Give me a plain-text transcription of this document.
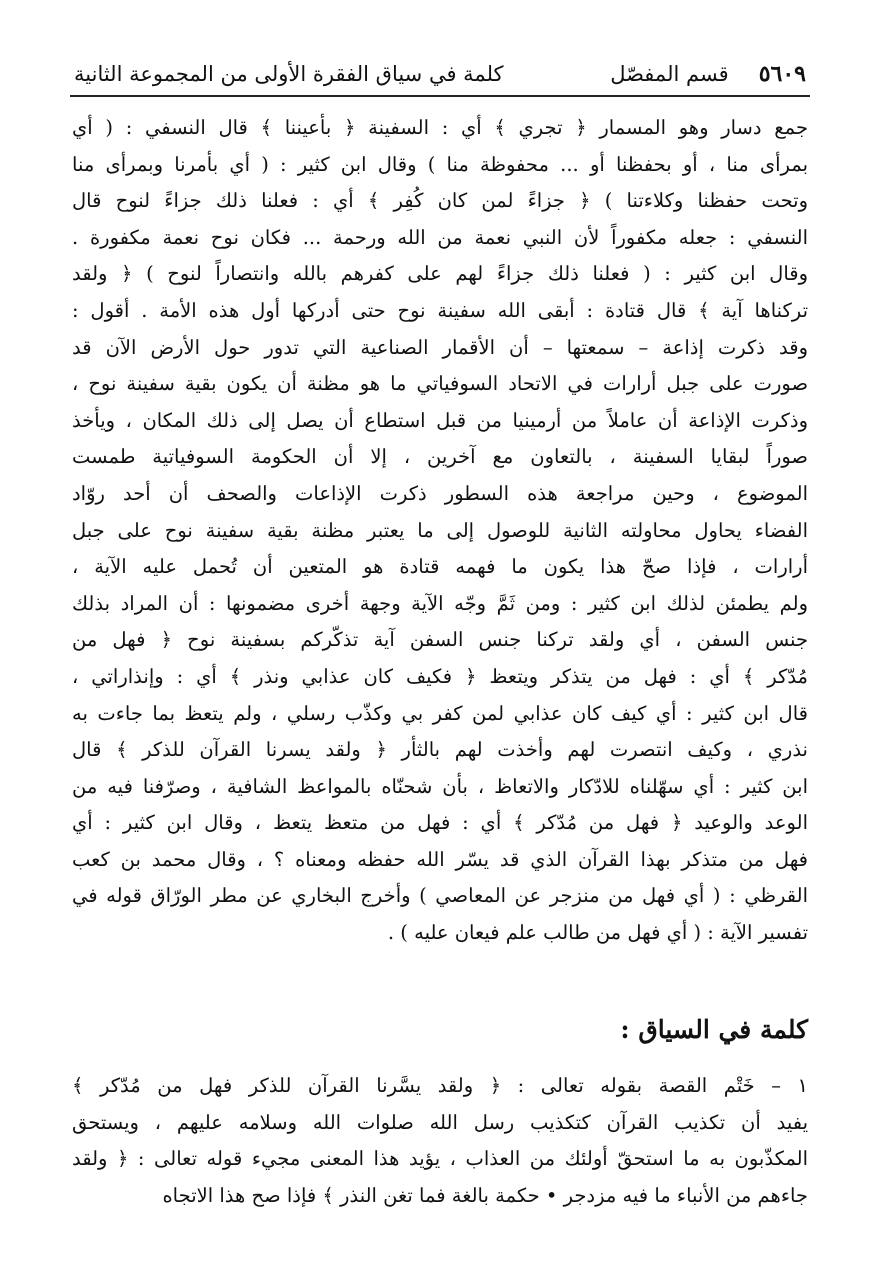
كلمة في سياق الفقرة الأولى من المجموعة الثانية	قسم المفصّل ٥٦٠٩
جمع دسار وهو المسمار ﴿ تجري ﴾ أي : السفينة ﴿ بأعيننا ﴾ قال النسفي : ( أي
بمرأى منا ، أو بحفظنا أو ... محفوظة منا ) وقال ابن كثير : ( أي بأمرنا وبمرأى منا
وتحت حفظنا وكلاءتنا ) ﴿ جزاءً لمن كان كُفِر ﴾ أي : فعلنا ذلك جزاءً لنوح قال
النسفي : جعله مكفوراً لأن النبي نعمة من الله ورحمة ... فكان نوح نعمة مكفورة .
وقال ابن كثير : ( فعلنا ذلك جزاءً لهم على كفرهم بالله وانتصاراً لنوح ) ﴿ ولقد
تركناها آية ﴾ قال قتادة : أبقى الله سفينة نوح حتى أدركها أول هذه الأمة . أقول :
وقد ذكرت إذاعة – سمعتها – أن الأقمار الصناعية التي تدور حول الأرض الآن قد
صورت على جبل أرارات في الاتحاد السوفياتي ما هو مظنة أن يكون بقية سفينة نوح ،
وذكرت الإذاعة أن عاملاً من أرمينيا من قبل استطاع أن يصل إلى ذلك المكان ، ويأخذ
صوراً لبقايا السفينة ، بالتعاون مع آخرين ، إلا أن الحكومة السوفياتية طمست
الموضوع ، وحين مراجعة هذه السطور ذكرت الإذاعات والصحف أن أحد روّاد
الفضاء يحاول محاولته الثانية للوصول إلى ما يعتبر مظنة بقية سفينة نوح على جبل
أرارات ، فإذا صحّ هذا يكون ما فهمه قتادة هو المتعين أن تُحمل عليه الآية ،
ولم يطمئن لذلك ابن كثير : ومن ثَمَّ وجّه الآية وجهة أخرى مضمونها : أن المراد بذلك
جنس السفن ، أي ولقد تركنا جنس السفن آية تذكّركم بسفينة نوح ﴿ فهل من
مُدّكر ﴾ أي : فهل من يتذكر ويتعظ ﴿ فكيف كان عذابي ونذر ﴾ أي : وإنذاراتي ،
قال ابن كثير : أي كيف كان عذابي لمن كفر بي وكذّب رسلي ، ولم يتعظ بما جاءت به
نذري ، وكيف انتصرت لهم وأخذت لهم بالثأر ﴿ ولقد يسرنا القرآن للذكر ﴾ قال
ابن كثير : أي سهّلناه للادّكار والاتعاظ ، بأن شحنّاه بالمواعظ الشافية ، وصرّفنا فيه من
الوعد والوعيد ﴿ فهل من مُدّكر ﴾ أي : فهل من متعظ يتعظ ، وقال ابن كثير : أي
فهل من متذكر بهذا القرآن الذي قد يسّر الله حفظه ومعناه ؟ ، وقال محمد بن كعب
القرظي : ( أي فهل من منزجر عن المعاصي ) وأخرج البخاري عن مطر الورّاق قوله في
تفسير الآية : ( أي فهل من طالب علم فيعان عليه ) .
كلمة في السياق :
١ – خَتْم القصة بقوله تعالى : ﴿ ولقد يسَّرنا القرآن للذكر فهل من مُدّكر ﴾
يفيد أن تكذيب القرآن كتكذيب رسل الله صلوات الله وسلامه عليهم ، ويستحق
المكذّبون به ما استحقّ أولئك من العذاب ، يؤيد هذا المعنى مجيء قوله تعالى : ﴿ ولقد
جاءهم من الأنباء ما فيه مزدجر • حكمة بالغة فما تغن النذر ﴾ فإذا صح هذا الاتجاه
